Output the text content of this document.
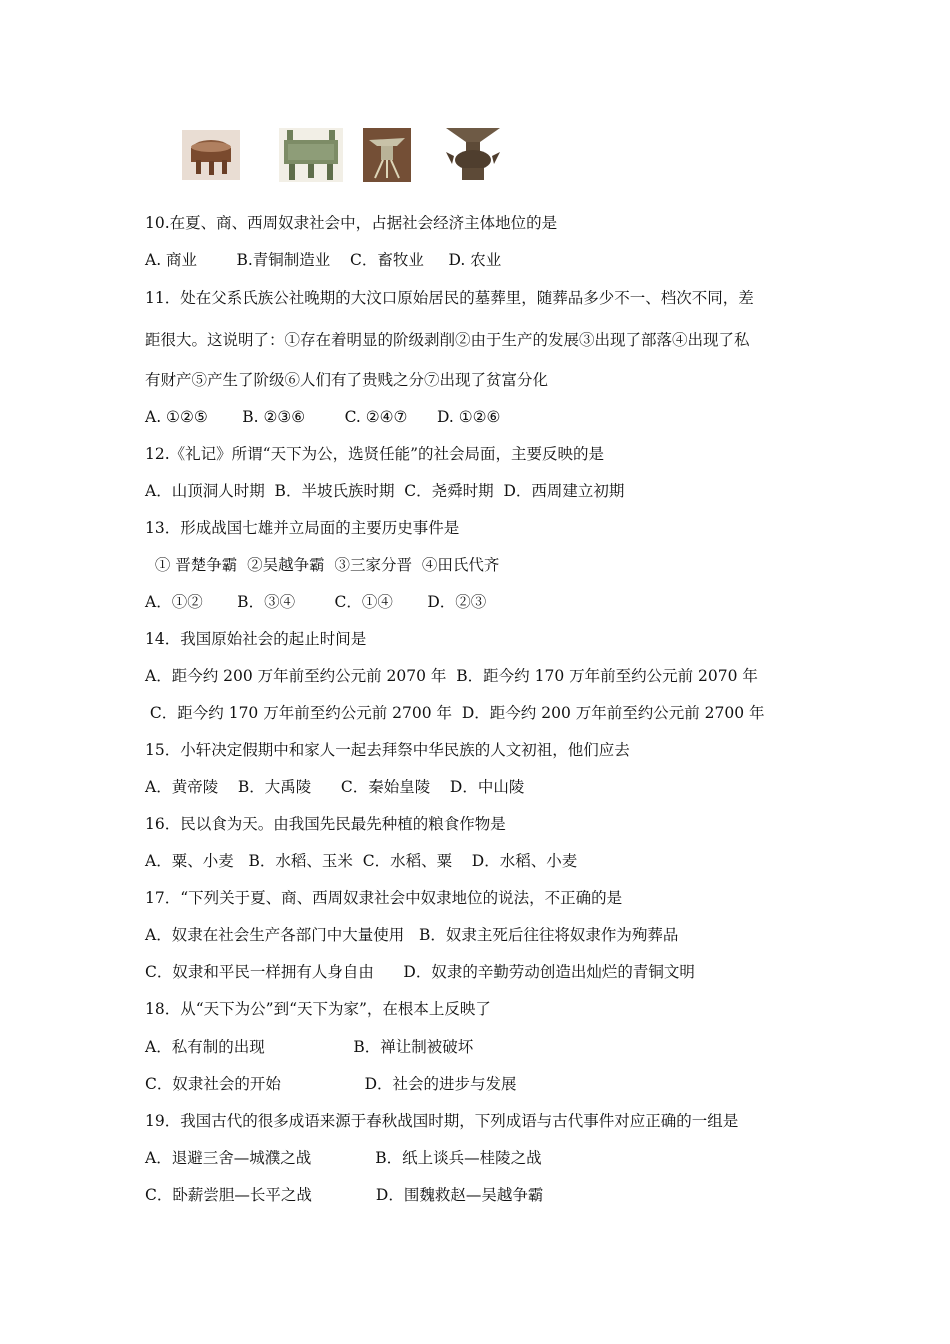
10.在夏、商、西周奴隶社会中，占据社会经济主体地位的是
A. 商业        B.青铜制造业    C．畜牧业     D. 农业
11．处在父系氏族公社晚期的大汶口原始居民的墓葬里，随葬品多少不一、档次不同，差
距很大。这说明了：①存在着明显的阶级剥削②由于生产的发展③出现了部落④出现了私
有财产⑤产生了阶级⑥人们有了贵贱之分⑦出现了贫富分化
A. ①②⑤       B. ②③⑥        C. ②④⑦      D. ①②⑥
12.《礼记》所谓“天下为公，选贤任能”的社会局面，主要反映的是
A．山顶洞人时期  B．半坡氏族时期  C．尧舜时期  D．西周建立初期
13．形成战国七雄并立局面的主要历史事件是
① 晋楚争霸  ②吴越争霸  ③三家分晋  ④田氏代齐
A．①②       B．③④        C．①④       D．②③
14．我国原始社会的起止时间是
A．距今约 200 万年前至约公元前 2070 年  B．距今约 170 万年前至约公元前 2070 年
C．距今约 170 万年前至约公元前 2700 年  D．距今约 200 万年前至约公元前 2700 年
15．小轩决定假期中和家人一起去拜祭中华民族的人文初祖，他们应去
A．黄帝陵    B．大禹陵      C．秦始皇陵    D．中山陵
16．民以食为天。由我国先民最先种植的粮食作物是
A．粟、小麦   B．水稻、玉米  C．水稻、粟    D．水稻、小麦
17．“下列关于夏、商、西周奴隶社会中奴隶地位的说法，不正确的是
A．奴隶在社会生产各部门中大量使用   B．奴隶主死后往往将奴隶作为殉葬品
C．奴隶和平民一样拥有人身自由      D．奴隶的辛勤劳动创造出灿烂的青铜文明
18．从“天下为公”到“天下为家”，在根本上反映了
A．私有制的出现                  B．禅让制被破坏
C．奴隶社会的开始                 D．社会的进步与发展
19．我国古代的很多成语来源于春秋战国时期，下列成语与古代事件对应正确的一组是
A．退避三舍—城濮之战             B．纸上谈兵—桂陵之战
C．卧薪尝胆—长平之战             D．围魏救赵—吴越争霸
